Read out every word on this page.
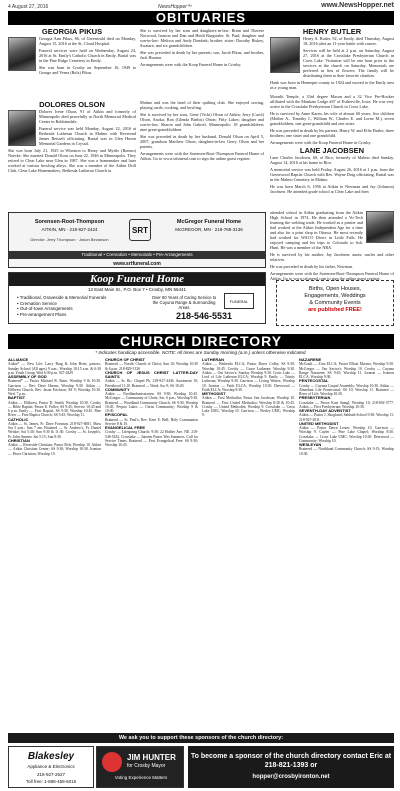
4 August 27, 2016	NewsHopper™	www.NewsHopper.net
OBITUARIES
GEORGIA PIKUS

Georgia Ann Pikus, 86, of Greenwald died on Monday, August 15, 2016 at the St. Cloud Hospital.

Funeral services were held on Wednesday, August 24, 2016 at St. Emily's Catholic Church in Emily. Burial was in the Pine Ridge Cemetery in Emily.

She was born in Crosby on September 16, 1949 to George and Verna (Bolz) Pikus.

She is survived by her sons and daughters-in-law: Brian and Therese Norwood, Ironton and Dan and Heidi Burgstaler, St. Paul; daughter and son-in-law: Melissa and Andy Dombek; brother, sister: Dorothy Biskey, Swatara; and six grandchildren.

She was preceded in death by her parents; son, Jacob Pikus; and brother, Jack Hunton.

Arrangements were with the Koop Funeral Home in Crosby.

HENRY BUTLER

Henry A. Butler, 92, of Emily, died Thursday, August 18, 2016 after an 11-year battle with cancer.

Services will be held at 2 p.m. on Saturday, August 27, 2016 at the Crosslake Presbyterian Church in Cross Lake. Visitation will be one hour prior to the services at the church on Saturday. Memorials are preferred in lieu of flowers. The family will be distributing them to their favorite charities.

Hank was born in Hennepin county in 1924 and moved to the Emily area as a young man.

DOLORES OLSON

Dolores Irene Olson, 91 of Aitkin and formerly of Minneapolis died peacefully at North Memorial Medical Center in Robbinsdale.

Funeral service was held Monday, August 22, 2016 at Bethesda Lutheran Church in Malmo with Reverend James Reisselt officiating. Burial was in Glen Haven Memorial Gardens in Crystal.

She was born July 21, 1925 in Wheaton to Henry and Myrtle (Romeo) Naecke. She married Donald Olson on June 22, 1946 in Minneapolis. They retired to Clear Lake near Glen in 1987. She was a homemaker and later worked at various bowling alleys. She was a member of the Aitkin Drill Club, Clear Lake Homemakers, Bethesda Lutheran Church in

Malmo and was the head of their quilting club. She enjoyed sewing, playing cards, cooking, and bowling.

She is survived by her sons, Gene (Vicki) Olson of Aitkin; Jerry (Carol) Olson, Anoka; Ron (Glenda Birthis) Olson; Fifty Lakes; daughter and son-in-law, Sharon and John Gabriel, Minneapolis; 18 grandchildren; nine great-grandchildren.

She was preceded in death by her husband, Donald Olson on April 5, 2007; grandson Matthew Olson; daughter-in-law Gerry Olson and her parents.

Arrangements were with the Sorensen-Root-Thompson Funeral Home of Aitkin. Go to www.srfuneral.com to sign the online guest register.

Moonlit Temple, a 33rd degree Mason and a 32 Vice Pre-Hooker affiliated with the Mankato Lodge #47 of Estherville, Iowa. He was very active in the Crosslake Presbyterian Church in Cross Lake.

He is survived by Anne Karen, his wife of almost 60 years; five children (Mother A., Timothy J., William W., Charles E. and Lorne M.), seven grandchildren, one great-grandchild and one sister.

He was preceded in death by his parents, Henry W. and Effie Butler; three brothers; one sister and one grandchild.

Arrangements were with the Koop Funeral Home in Crosby.

LANE JACOBSEN

Lane Charles Jacobsen, 60, of Rice, formerly of Malmo died Sunday, August 14, 2016 at his home in Rice.

A memorial service was held Friday, August 26, 2016 at 1 p.m. from the Greenwood Baptist Church with Rev. Wayne Doig officiating. Burial was in the Malmo Cemetery in Malmo.

He was born March 6, 1956 at Aitkin to Newman and Jay (Johnson) Jacobsen. He attended grade school at Clear Lake and then

attended school in Aitkin graduating from the Aitkin High School in 1974. He then attended a Vo-Tech learning the welding trade. He worked as a printer and had worked at the Aitkin Independent Age for a time and also for a print shop in Ottawa. He most recently had worked for WACO Direct in Little Falls. He enjoyed camping and his trips to Colorado to fish. Hunt. He was a member of the NRA.

He is survived by his mother, Jay Jacobsen; aunts; uncles and other relatives.

He was preceded in death by his father, Newman.

Arrangements were with the Sorensen-Root-Thompson Funeral Home of Aitkin. Go to www.srfuneral.com to sign the online guest register.

Sorensen-Root-Thompson
AITKIN, MN · 218-927-2424
Director: Jerry Thompson · Jason Bezanson
SRT
McGregor Funeral Home
McGREGOR, MN · 218-768-3136
Traditional • Cremation • Memorials • Pre-Arrangements
www.srtfuneral.com
Koop Funeral Home
12 East Main St., P.O. Box 7 • Crosby, MN 56441
• Traditional, Graveside & Memorial Funerals
• Cremation Service
• Out-of-town Arrangements
• Pre-arrangement Plans
Over 80 Years of Caring Service to the Cuyuna Range & Surrounding Areas
FUNERAL
218-546-5531
Births, Open Houses,
Engagements, Weddings
& Community Events
are published FREE!
CHURCH DIRECTORY
* Indicates handicap accessible. NOTE: All times are Sunday morning (a.m.) unless otherwise indicated.
ALLIANCE
Aitkin* — New Life: Larry Burg & John Beier, pastors; Sunday School (All ages) 9 a.m.; Worship 10:15 a.m. & 6:30 p.m. Youth Group, Wed 6:30 p.m. 927-4429
ASSEMBLY OF GOD
Brainerd* — Pastor Michael R. Rater. Worship 9 & 10:30. Garrison — Rev. Dave Harms; Worship 9:30. Aitkin — Hillcrest Church, Rev. Jason Erickson; SS 9; Worship 10:30. Wed. 7 p.m.
BAPTIST
Aitkin — Hillcrest, Pastor D. Smith; Worship 10:30. Crosby — Bible Baptist; Pastor E. Fuller; SS 9:45; Service 10:45 and 6 p.m. Emily — First Baptist; SS 9:30; Worship 10:45. Pine River — First Baptist Church; SS 9:45; Worship 11.
CATHOLIC
Aitkin — St. James, Fr. Dave Forsman. 218-927-6081. Mass Sat 5 p.m.; Sun 7 am. Brainerd — St. Andrew's, Fr. Daniel Weiske; Sat 5:30; Sun 9:30 & 11:30. Crosby — St. Joseph's, Fr. John Ammer. Sat 5:15; Sun 8:30.
CHRISTIAN
Aitkin — Riverside Christian; Pastor Bob; Worship 10. Aitkin — Aitkin Christian Center; SS 9:30; Worship 10:30. Ironton — Peace Christian; Worship 10.
CHURCH OF CHRIST
Brainerd — Nordic Church of Christ; Sun 10; Worship 10:30 & 6 p.m. 218-829-5126
CHURCH OF JESUS CHRIST LATTER-DAY SAINTS
Aitkin — Sr. Br.; Chapel Ph. 218-927-4436. Sacrament 10; Priesthood 11:10. Brainerd — Ward; Sac 9; SS 10:20.
COMMUNITY
Aitkin — Nordlandsmissionen; SS 9:30; Worship 10:45. McGregor — Community of Christ; Sat. 6 p.m.; Worship 9:30. Brainerd — Woodland Community Church; SS 9:30; Worship 10:45. Pequot Lakes — Christ Community; Worship 9 & 10:30.
EPISCOPAL
Brainerd — St. Paul's; Rev. Kent E. Bell; Holy Communion Service 8 & 10.
EVANGELICAL FREE
Crosby — Lifespring Church; 9:30; 22 Holder Ave. NE. 218-546-5432. Crosslake — Interim Pastor Wes Sommers. Call for Service Times. Brainerd — First Evangelical Free; SS 9:30; Worship 10:45.
LUTHERAN
Aitkin — Bethesda ELCA; Pastor Bruce Colby; SS 9:30; Worship 10:45. Crosby — Grace Lutheran; Worship 9:30. Aitkin — Our Savior's; Sunday Worship 9:30. Cross Lake — Lord of Life Lutheran ELCA; Worship 9. Emily — Trinity Lutheran; Worship 9:30. Garrison — Living Waters; Worship 10. Ironton — Faith ELCA; Worship 10:30. Deerwood — Faith ELCA; Worship 9:30.
METHODIST
Aitkin — First Methodist; Pastor Jim Jacobson; Worship 10. Brainerd — First United Methodist; Worship 8:30 & 10:45. Crosby — United Methodist; Worship 9. Crosslake — Cross Lake UMC; Worship 10. Garrison — Wesley UMC; Worship 9.
NAZARENE
McGrath — Zion ELCA; Pastor Elliott Marino; Worship 9:30. McGregor — Our Savior's; Worship 10. Crosby — Cuyuna Range Nazarene; SS 9:45; Worship 11. Ironton — Ironton ELCA; Worship 9:30.
PENTECOSTAL
Crosby — Cuyuna Gospel Assembly; Worship 10:30. Aitkin — Abundant Life Pentecostal; SS 10; Worship 11. Brainerd — River of Life; Worship 10:30.
PRESBYTERIAN
Crosslake — Pastor Kate Stangl; Worship 10; 218-692-3777. Aitkin — First Presbyterian; Worship 10:30.
SEVENTH-DAY ADVENTIST
Aitkin — Pastor J. Skoglund; Sabbath School 9:30; Worship 11; 218-927-2011.
UNITED METHODIST
Aitkin — Pastor Dawn Lester; Worship 10. Garrison — Worship 9. Cuyler — Pine Lake Chapel; Worship 8:30. Crosslake — Cross Lake UMC; Worship 10:30. Deerwood — Community; Worship 10.
WESLEYAN
Brainerd — Northland Community Church; SS 9:15; Worship 10:30.
We ask you to support these sponsors of the church directory:
Blakesley
Appliance & Electronics
218-927-2627
Toll free: 1-888-458-6016
JIM HUNTER
for Crosby Mayor
Voting Experience Matters
To become a sponsor of the church directory contact Eric at 218-821-1393 or
hopper@crosbyironton.net
